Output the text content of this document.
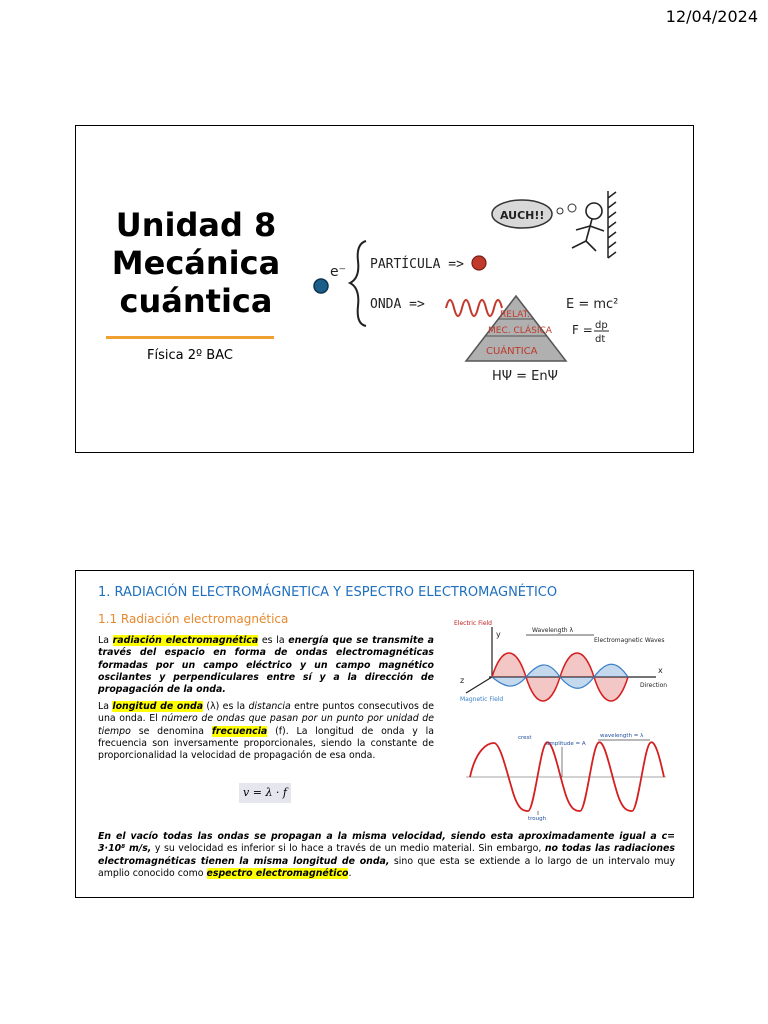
12/04/2024
Unidad 8
Mecánica
cuántica
Física 2º BAC
e⁻ PARTÍCULA =>
ONDA =>
AUCH!!
RELAT.
MEC. CLÁSICA
CUÁNTICA
E = mc²
F = dp
dt
HΨ = EnΨ
1. RADIACIÓN ELECTROMÁGNETICA Y ESPECTRO ELECTROMAGNÉTICO
1.1 Radiación electromagnética
La radiación electromagnética es la energía que se transmite a través del espacio en forma de ondas electromagnéticas formadas por un campo eléctrico y un campo magnético oscilantes y perpendiculares entre sí y a la dirección de propagación de la onda.
La longitud de onda (λ) es la distancia entre puntos consecutivos de una onda. El número de ondas que pasan por un punto por unidad de tiempo se denomina frecuencia (f). La longitud de onda y la frecuencia son inversamente proporcionales, siendo la constante de proporcionalidad la velocidad de propagación de esa onda.
v = λ · f
Electric Field
y	Wavelength λ
Electromagnetic Waves
z
x
Magnetic Field
Direction
crest
amplitude = A
wavelength = λ
trough
En el vacío todas las ondas se propagan a la misma velocidad, siendo esta aproximadamente igual a c= 3·10⁸ m/s, y su velocidad es inferior si lo hace a través de un medio material. Sin embargo, no todas las radiaciones electromagnéticas tienen la misma longitud de onda, sino que esta se extiende a lo largo de un intervalo muy amplio conocido como espectro electromagnético.
